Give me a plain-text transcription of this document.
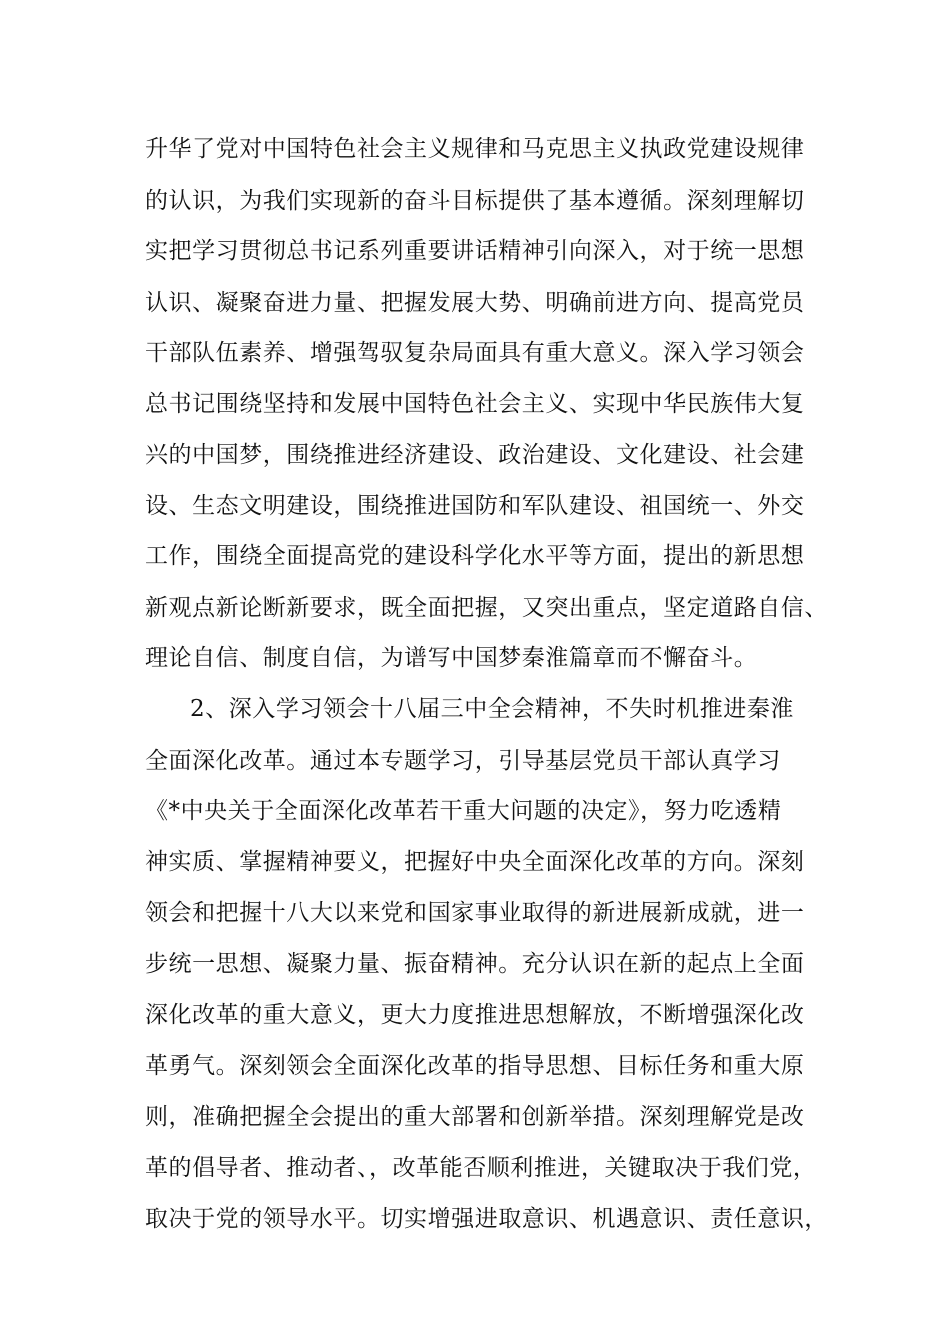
升华了党对中国特色社会主义规律和马克思主义执政党建设规律

的认识，为我们实现新的奋斗目标提供了基本遵循。深刻理解切

实把学习贯彻总书记系列重要讲话精神引向深入，对于统一思想

认识、凝聚奋进力量、把握发展大势、明确前进方向、提高党员

干部队伍素养、增强驾驭复杂局面具有重大意义。深入学习领会

总书记围绕坚持和发展中国特色社会主义、实现中华民族伟大复

兴的中国梦，围绕推进经济建设、政治建设、文化建设、社会建

设、生态文明建设，围绕推进国防和军队建设、祖国统一、外交

工作，围绕全面提高党的建设科学化水平等方面，提出的新思想

新观点新论断新要求，既全面把握，又突出重点，坚定道路自信、

理论自信、制度自信，为谱写中国梦秦淮篇章而不懈奋斗。

2、深入学习领会十八届三中全会精神，不失时机推进秦淮

全面深化改革。通过本专题学习，引导基层党员干部认真学习

《*中央关于全面深化改革若干重大问题的决定》，努力吃透精

神实质、掌握精神要义，把握好中央全面深化改革的方向。深刻

领会和把握十八大以来党和国家事业取得的新进展新成就，进一

步统一思想、凝聚力量、振奋精神。充分认识在新的起点上全面

深化改革的重大意义，更大力度推进思想解放，不断增强深化改

革勇气。深刻领会全面深化改革的指导思想、目标任务和重大原

则，准确把握全会提出的重大部署和创新举措。深刻理解党是改

革的倡导者、推动者、，改革能否顺利推进，关键取决于我们党，

取决于党的领导水平。切实增强进取意识、机遇意识、责任意识，
